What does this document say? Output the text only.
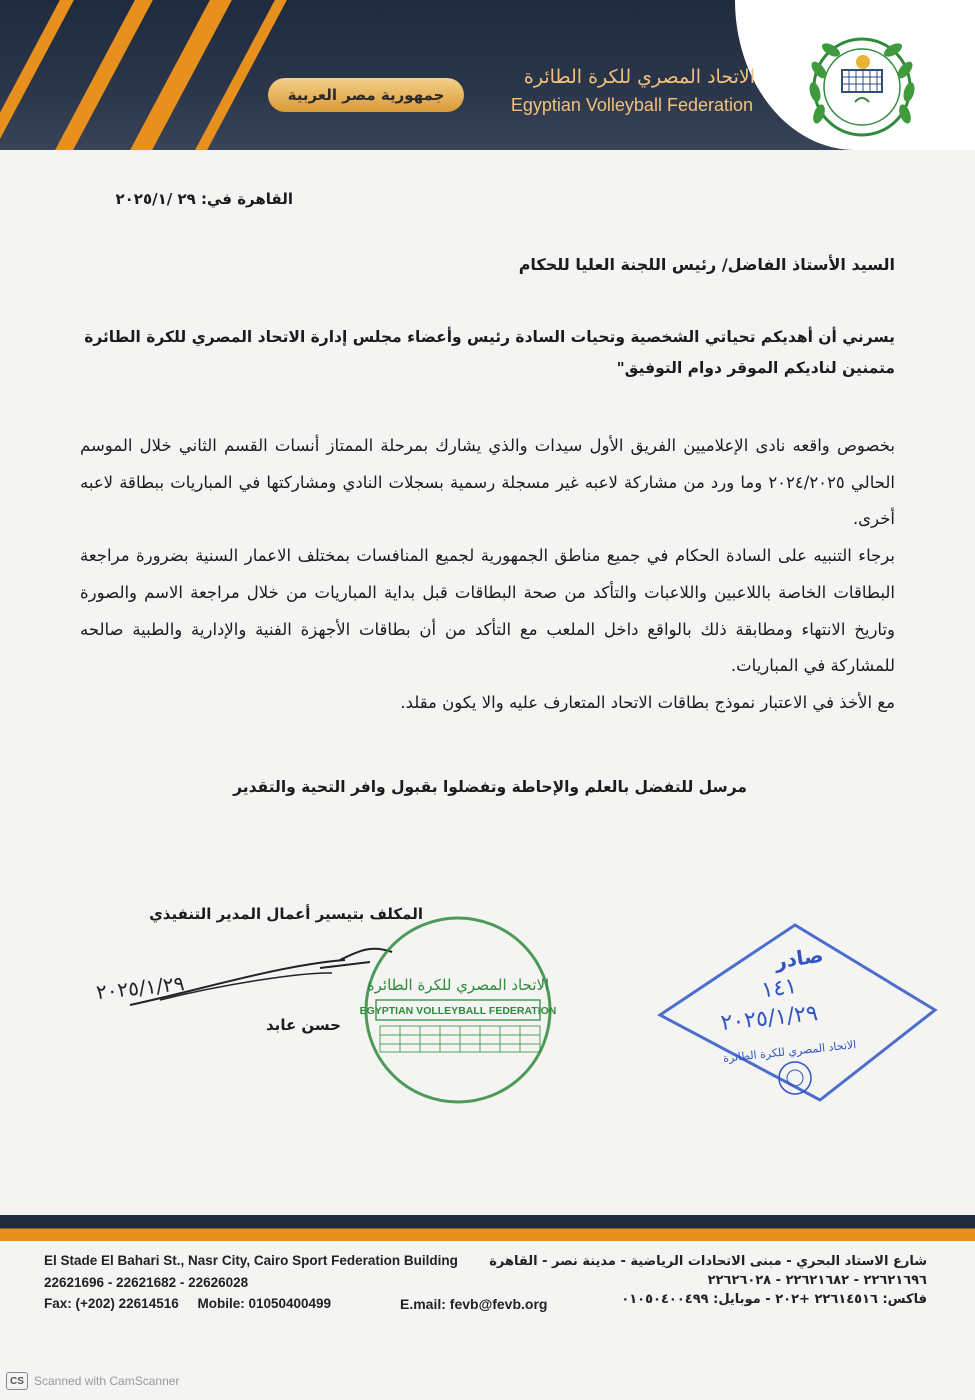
جمهورية مصر العربية
الاتحاد المصري للكرة الطائرة
Egyptian Volleyball Federation
القاهرة في: ٢٩ /٢٠٢٥/١
السيد الأستاذ الفاضل/ رئيس اللجنة العليا للحكام
يسرني أن أهديكم تحياتي الشخصية وتحيات السادة رئيس وأعضاء مجلس إدارة الاتحاد المصري للكرة الطائرة متمنين لناديكم الموقر دوام التوفيق"

بخصوص واقعه نادى الإعلاميين الفريق الأول سيدات والذي يشارك بمرحلة الممتاز أنسات القسم الثاني خلال الموسم الحالي ٢٠٢٤/٢٠٢٥ وما ورد من مشاركة لاعبه غير مسجلة رسمية بسجلات النادي ومشاركتها في المباريات ببطاقة لاعبه أخرى.

برجاء التنبيه على السادة الحكام في جميع مناطق الجمهورية لجميع المنافسات بمختلف الاعمار السنية بضرورة مراجعة البطاقات الخاصة باللاعبين واللاعبات والتأكد من صحة البطاقات قبل بداية المباريات من خلال مراجعة الاسم والصورة وتاريخ الانتهاء ومطابقة ذلك بالواقع داخل الملعب مع التأكد من أن بطاقات الأجهزة الفنية والإدارية والطبية صالحه للمشاركة في المباريات.

مع الأخذ في الاعتبار نموذج بطاقات الاتحاد المتعارف عليه والا يكون مقلد.

مرسل للتفضل بالعلم والإحاطة وتفضلوا بقبول وافر التحية والتقدير
المكلف بتيسير أعمال المدير التنفيذي
٢٠٢٥/١/٢٩
حسن عابد
الاتحاد المصري للكرة الطائرة
EGYPTIAN VOLLEYBALL FEDERATION
صادر
١٤١
٢٠٢٥/١/٢٩
الاتحاد المصري للكرة الطائرة
El Stade El Bahari St., Nasr City, Cairo Sport Federation Building
22621696 - 22621682 - 22626028
Fax: (+202) 22614516     Mobile: 01050400499	E.mail: fevb@fevb.org
شارع الاستاد البحري - مبنى الاتحادات الرياضية - مدينة نصر - القاهرة
٢٢٦٢١٦٩٦ - ٢٢٦٢١٦٨٢ - ٢٢٦٢٦٠٢٨
فاكس: ٢٢٦١٤٥١٦ +٢٠٢ - موبايل: ٠١٠٥٠٤٠٠٤٩٩
CS Scanned with CamScanner
